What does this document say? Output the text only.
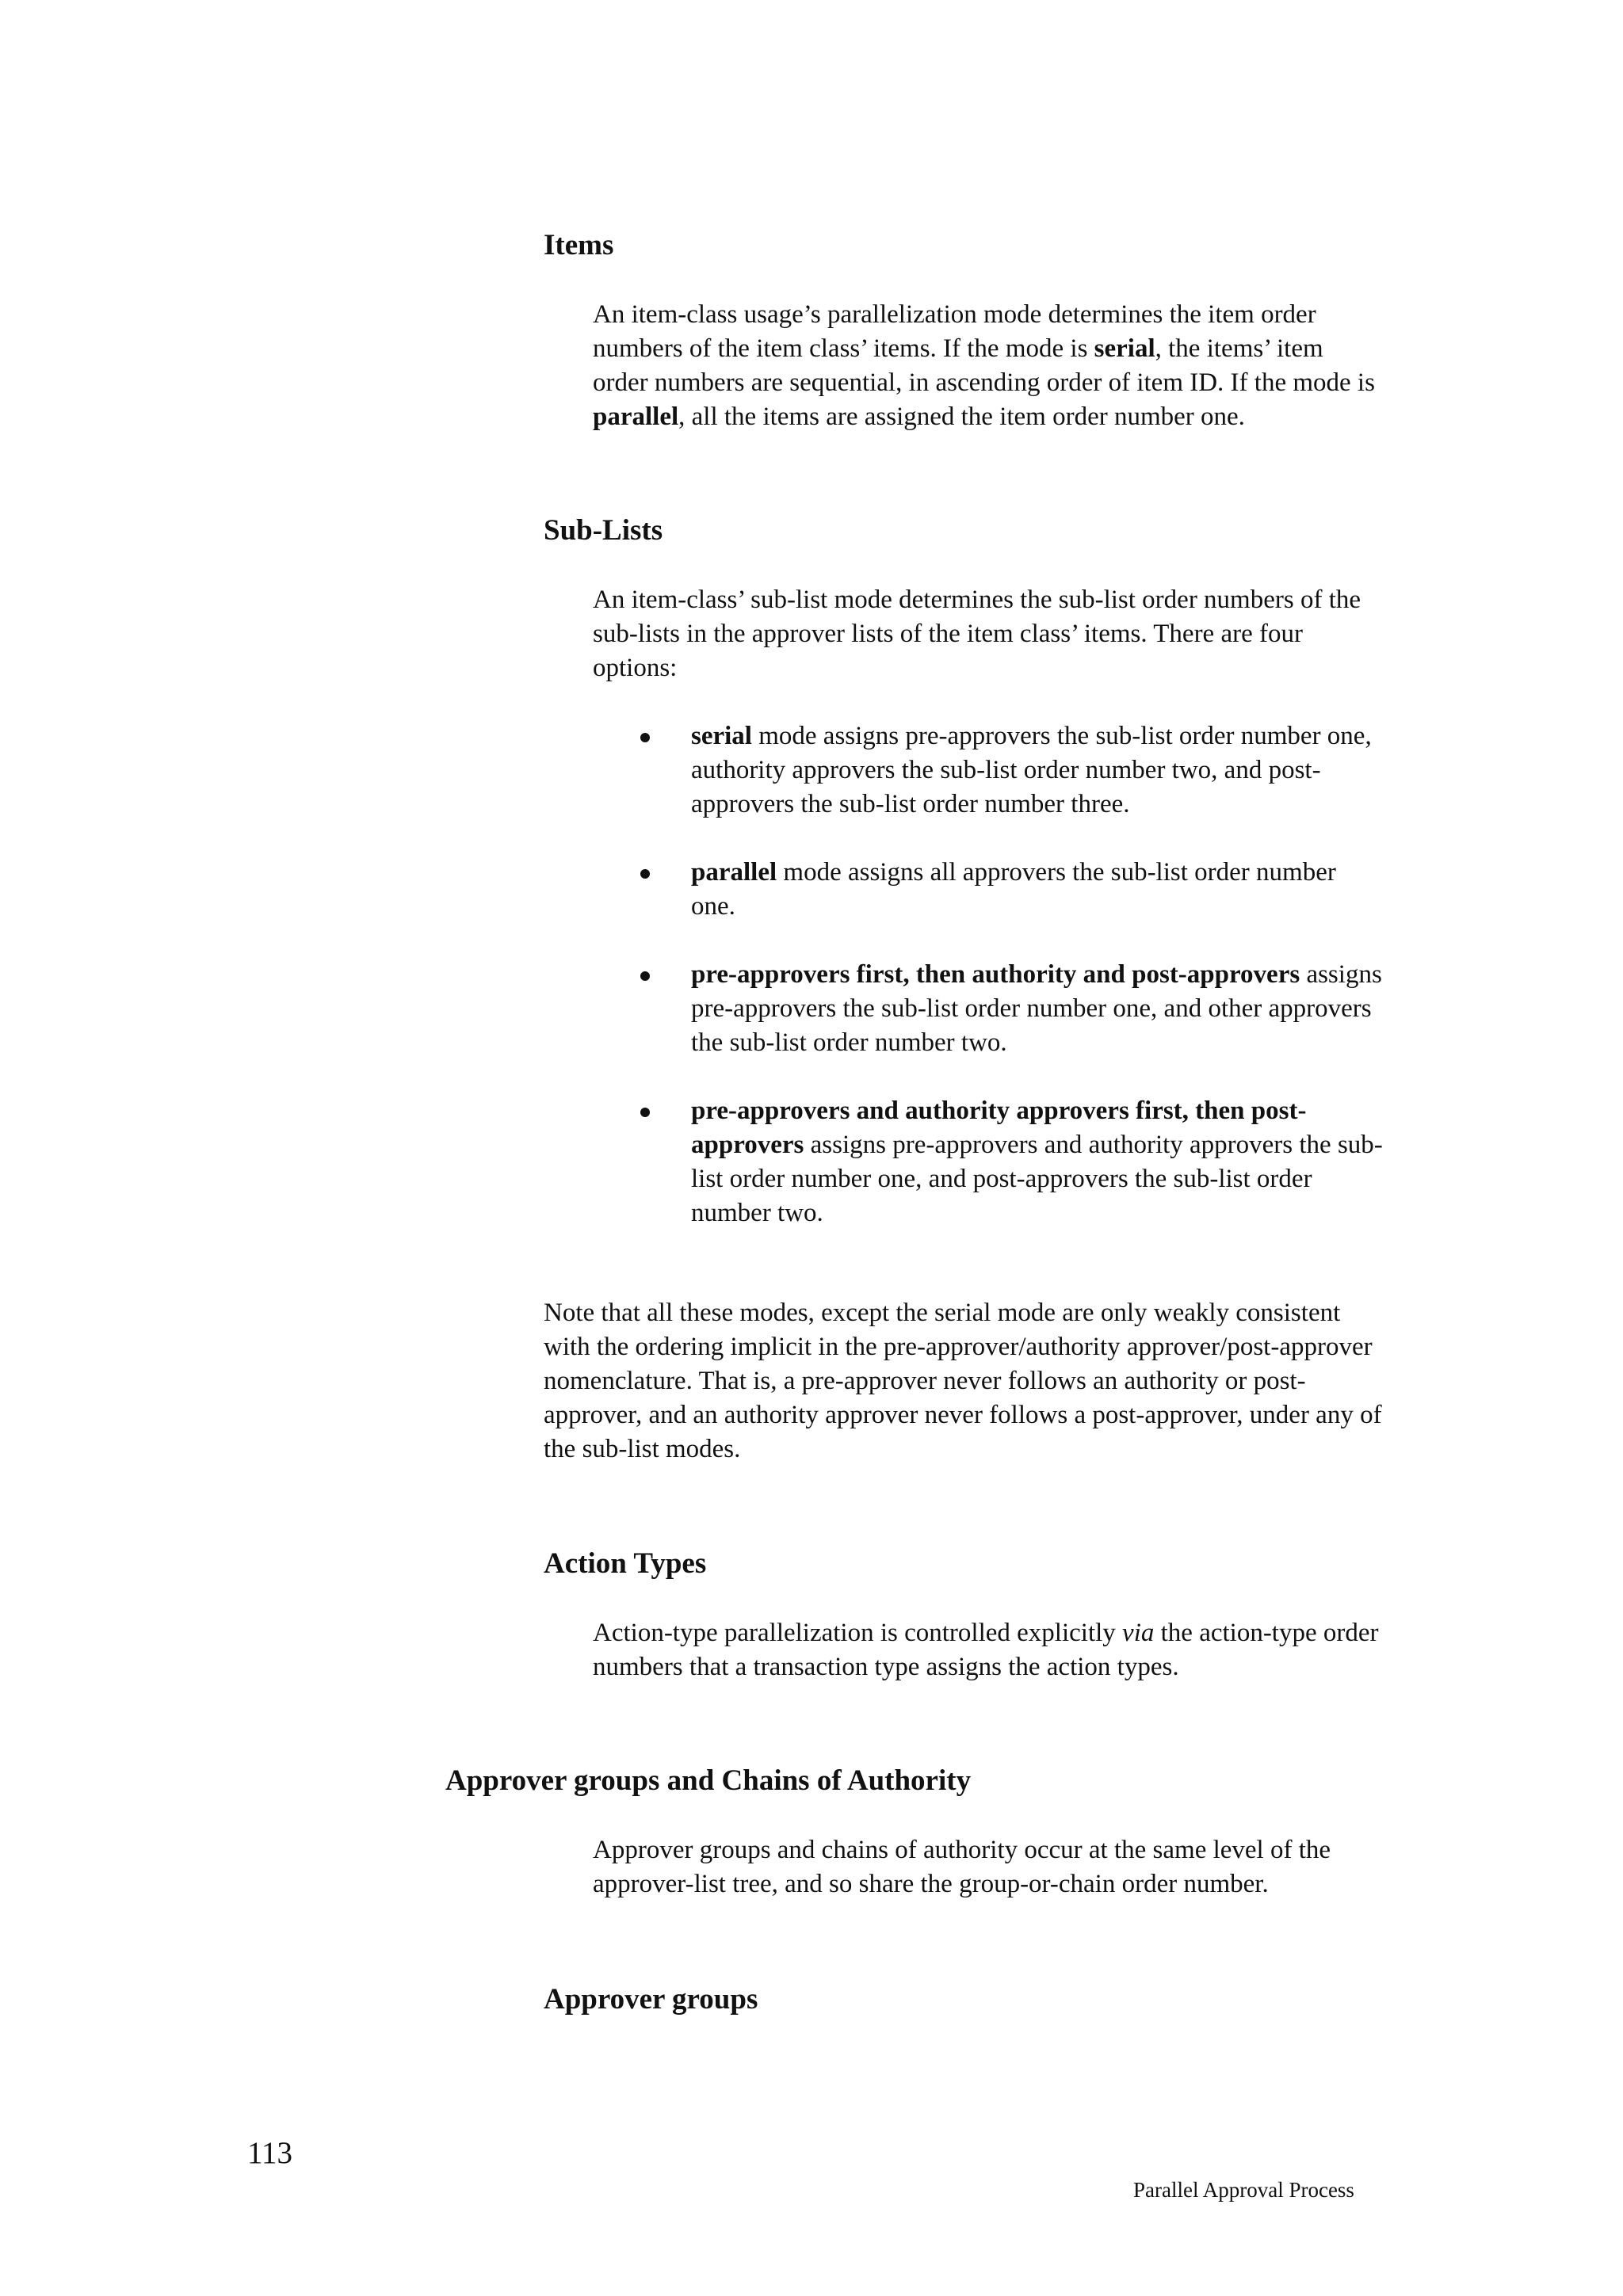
Items

An item-class usage’s parallelization mode determines the item order numbers of the item class’ items. If the mode is serial, the items’ item order numbers are sequential, in ascending order of item ID. If the mode is parallel, all the items are assigned the item order number one.

Sub-Lists

An item-class’ sub-list mode determines the sub-list order numbers of the sub-lists in the approver lists of the item class’ items. There are four options:

serial mode assigns pre-approvers the sub-list order number one, authority approvers the sub-list order number two, and post-approvers the sub-list order number three.
parallel mode assigns all approvers the sub-list order number one.
pre-approvers first, then authority and post-approvers assigns pre-approvers the sub-list order number one, and other approvers the sub-list order number two.
pre-approvers and authority approvers first, then post-approvers assigns pre-approvers and authority approvers the sub-list order number one, and post-approvers the sub-list order number two.

Note that all these modes, except the serial mode are only weakly consistent with the ordering implicit in the pre-approver/authority approver/post-approver nomenclature. That is, a pre-approver never follows an authority or post-approver, and an authority approver never follows a post-approver, under any of the sub-list modes.

Action Types

Action-type parallelization is controlled explicitly via the action-type order numbers that a transaction type assigns the action types.

Approver groups and Chains of Authority

Approver groups and chains of authority occur at the same level of the approver-list tree, and so share the group-or-chain order number.

Approver groups
113
Parallel Approval Process
